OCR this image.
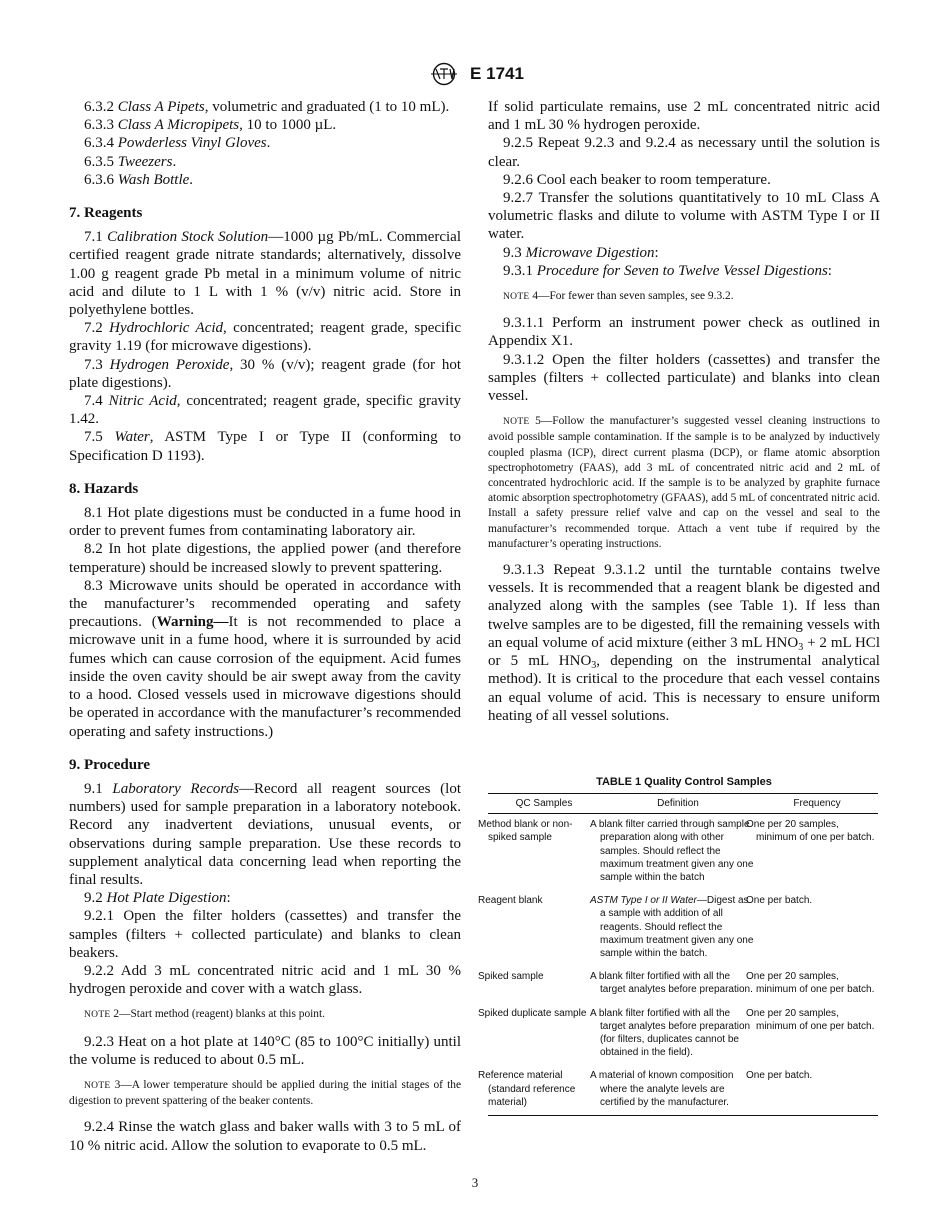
E 1741

6.3.2 Class A Pipets, volumetric and graduated (1 to 10 mL).

6.3.3 Class A Micropipets, 10 to 1000 µL.

6.3.4 Powderless Vinyl Gloves.

6.3.5 Tweezers.

6.3.6 Wash Bottle.

7. Reagents

7.1 Calibration Stock Solution—1000 µg Pb/mL. Commercial certified reagent grade nitrate standards; alternatively, dissolve 1.00 g reagent grade Pb metal in a minimum volume of nitric acid and dilute to 1 L with 1 % (v/v) nitric acid. Store in polyethylene bottles.

7.2 Hydrochloric Acid, concentrated; reagent grade, specific gravity 1.19 (for microwave digestions).

7.3 Hydrogen Peroxide, 30 % (v/v); reagent grade (for hot plate digestions).

7.4 Nitric Acid, concentrated; reagent grade, specific gravity 1.42.

7.5 Water, ASTM Type I or Type II (conforming to Specification D 1193).

8. Hazards

8.1 Hot plate digestions must be conducted in a fume hood in order to prevent fumes from contaminating laboratory air.

8.2 In hot plate digestions, the applied power (and therefore temperature) should be increased slowly to prevent spattering.

8.3 Microwave units should be operated in accordance with the manufacturer’s recommended operating and safety precautions. (Warning—It is not recommended to place a microwave unit in a fume hood, where it is surrounded by acid fumes which can cause corrosion of the equipment. Acid fumes inside the oven cavity should be air swept away from the cavity to a hood. Closed vessels used in microwave digestions should be operated in accordance with the manufacturer’s recommended operating and safety instructions.)

9. Procedure

9.1 Laboratory Records—Record all reagent sources (lot numbers) used for sample preparation in a laboratory notebook. Record any inadvertent deviations, unusual events, or observations during sample preparation. Use these records to supplement analytical data concerning lead when reporting the final results.

9.2 Hot Plate Digestion:

9.2.1 Open the filter holders (cassettes) and transfer the samples (filters + collected particulate) and blanks to clean beakers.

9.2.2 Add 3 mL concentrated nitric acid and 1 mL 30 % hydrogen peroxide and cover with a watch glass.

NOTE 2—Start method (reagent) blanks at this point.

9.2.3 Heat on a hot plate at 140°C (85 to 100°C initially) until the volume is reduced to about 0.5 mL.

NOTE 3—A lower temperature should be applied during the initial stages of the digestion to prevent spattering of the beaker contents.

9.2.4 Rinse the watch glass and baker walls with 3 to 5 mL of 10 % nitric acid. Allow the solution to evaporate to 0.5 mL.

If solid particulate remains, use 2 mL concentrated nitric acid and 1 mL 30 % hydrogen peroxide.

9.2.5 Repeat 9.2.3 and 9.2.4 as necessary until the solution is clear.

9.2.6 Cool each beaker to room temperature.

9.2.7 Transfer the solutions quantitatively to 10 mL Class A volumetric flasks and dilute to volume with ASTM Type I or II water.

9.3 Microwave Digestion:

9.3.1 Procedure for Seven to Twelve Vessel Digestions:

NOTE 4—For fewer than seven samples, see 9.3.2.

9.3.1.1 Perform an instrument power check as outlined in Appendix X1.

9.3.1.2 Open the filter holders (cassettes) and transfer the samples (filters + collected particulate) and blanks into clean vessel.

NOTE 5—Follow the manufacturer’s suggested vessel cleaning instructions to avoid possible sample contamination. If the sample is to be analyzed by inductively coupled plasma (ICP), direct current plasma (DCP), or flame atomic absorption spectrophotometry (FAAS), add 3 mL of concentrated nitric acid and 2 mL of concentrated hydrochloric acid. If the sample is to be analyzed by graphite furnace atomic absorption spectrophotometry (GFAAS), add 5 mL of concentrated nitric acid. Install a safety pressure relief valve and cap on the vessel and seal to the manufacturer’s recommended torque. Attach a vent tube if required by the manufacturer’s operating instructions.

9.3.1.3 Repeat 9.3.1.2 until the turntable contains twelve vessels. It is recommended that a reagent blank be digested and analyzed along with the samples (see Table 1). If less than twelve samples are to be digested, fill the remaining vessels with an equal volume of acid mixture (either 3 mL $HNO_3 + 2$ mL HCl or 5 mL $HNO_3$, depending on the instrumental analytical method). It is critical to the procedure that each vessel contains an equal volume of acid. This is necessary to ensure uniform heating of all vessel solutions.

TABLE 1 Quality Control Samples
QC Samples	Definition	Frequency
Method blank or non-spiked sample	A blank filter carried through sample preparation along with other samples. Should reflect the maximum treatment given any one sample within the batch	One per 20 samples, minimum of one per batch.
Reagent blank	ASTM Type I or II Water—Digest as a sample with addition of all reagents. Should reflect the maximum treatment given any one sample within the batch.	One per batch.
Spiked sample	A blank filter fortified with all the target analytes before preparation.	One per 20 samples, minimum of one per batch.
Spiked duplicate sample	A blank filter fortified with all the target analytes before preparation (for filters, duplicates cannot be obtained in the field).	One per 20 samples, minimum of one per batch.
Reference material (standard reference material)	A material of known composition where the analyte levels are certified by the manufacturer.	One per batch.
3
